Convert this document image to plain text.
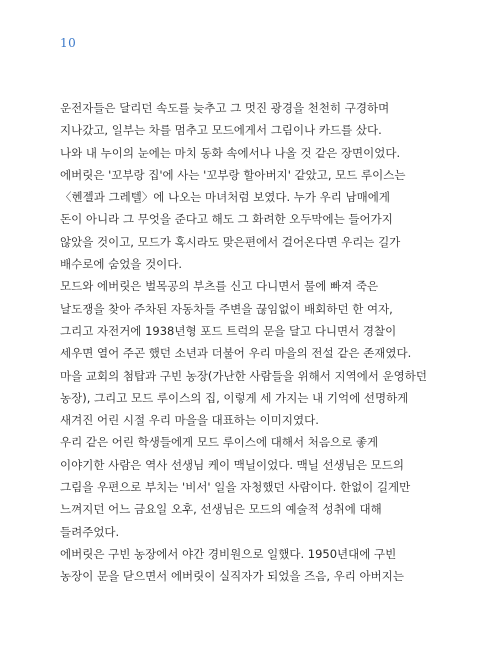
10
운전자들은 달리던 속도를 늦추고 그 멋진 광경을 천천히 구경하며
지나갔고, 일부는 차를 멈추고 모드에게서 그림이나 카드를 샀다.
나와 내 누이의 눈에는 마치 동화 속에서나 나올 것 같은 장면이었다.
에버릿은 '꼬부랑 집'에 사는 '꼬부랑 할아버지' 같았고, 모드 루이스는
〈헨젤과 그레텔〉에 나오는 마녀처럼 보였다. 누가 우리 남매에게
돈이 아니라 그 무엇을 준다고 해도 그 화려한 오두막에는 들어가지
않았을 것이고, 모드가 혹시라도 맞은편에서 걸어온다면 우리는 길가
배수로에 숨었을 것이다.
모드와 에버릿은 벌목공의 부츠를 신고 다니면서 물에 빠져 죽은
날도쟁을 찾아 주차된 자동차들 주변을 끊임없이 배회하던 한 여자,
그리고 자전거에 1938년형 포드 트럭의 문을 달고 다니면서 경찰이
세우면 열어 주곤 했던 소년과 더불어 우리 마을의 전설 같은 존재였다.
마을 교회의 첨탑과 구빈 농장(가난한 사람들을 위해서 지역에서 운영하던
농장), 그리고 모드 루이스의 집, 이렇게 세 가지는 내 기억에 선명하게
새겨진 어린 시절 우리 마을을 대표하는 이미지였다.
우리 같은 어린 학생들에게 모드 루이스에 대해서 처음으로 좋게
이야기한 사람은 역사 선생님 케이 맥닐이었다. 맥닐 선생님은 모드의
그림을 우편으로 부치는 '비서' 일을 자청했던 사람이다. 한없이 길게만
느껴지던 어느 금요일 오후, 선생님은 모드의 예술적 성취에 대해
들려주었다.
에버릿은 구빈 농장에서 야간 경비원으로 일했다. 1950년대에 구빈
농장이 문을 닫으면서 에버릿이 실직자가 되었을 즈음, 우리 아버지는
